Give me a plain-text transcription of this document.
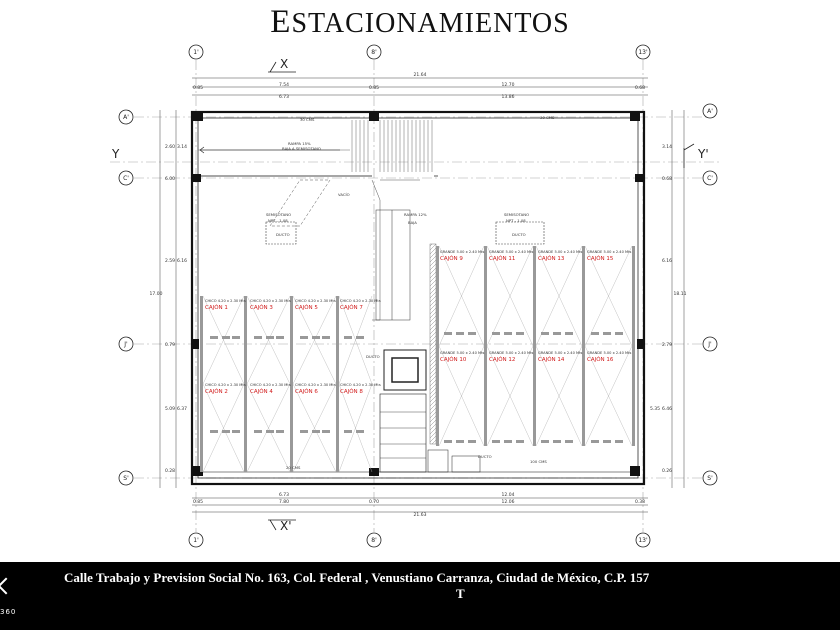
ESTACIONAMIENTOS
1'	8'	13'
1'	8'	13'
A'
C'
J'
S'
A'
C'
J'
S'
X
X'
Y	Y'
21.64
0.85
7.54
0.85
12.70
0.68
6.73	13.86
6.73	12.04
0.85	7.80	0.70	12.06	0.38
21.63
2.60 3.14
6.00
2.59 6.16
17.00
0.79
5.09 6.37
0.28
3.14
0.68
6.16
2.79
18.11
5.35 6.46
0.26
CHICO 4.20 x 2.30 Mts
CAJÓN 1
CHICO 4.20 x 2.30 Mts
CAJÓN 3
CHICO 4.20 x 2.30 Mts
CAJÓN 5
CHICO 4.20 x 2.30 Mts
CAJÓN 7
CHICO 4.20 x 2.30 Mts
CAJÓN 2
CHICO 4.20 x 2.30 Mts
CAJÓN 4
CHICO 4.20 x 2.30 Mts
CAJÓN 6
CHICO 4.20 x 2.30 Mts
CAJÓN 8
GRANDE 5.00 x 2.40 Mts
CAJÓN 9
GRANDE 5.00 x 2.40 Mts
CAJÓN 11
GRANDE 5.00 x 2.40 Mts
CAJÓN 13
GRANDE 5.00 x 2.40 Mts
CAJÓN 15
GRANDE 5.00 x 2.40 Mts
CAJÓN 10
GRANDE 5.00 x 2.40 Mts
CAJÓN 12
GRANDE 5.00 x 2.40 Mts
CAJÓN 14
GRANDE 5.00 x 2.40 Mts
CAJÓN 16
RAMPA 15%
BAJA A SEMISOTANO
VACÍO
SEMISOTANO
NPT - 1.08
SEMISOTANO
NPT - 1.08
DUCTO	DUCTO
DUCTO
DUCTO
RAMPA 12%
BAJA
30 CMS	30 CMS
20 CMS
100 CMS
Calle Trabajo y Prevision Social No. 163, Col. Federal , Venustiano Carranza, Ciudad de México, C.P. 157
T
360
